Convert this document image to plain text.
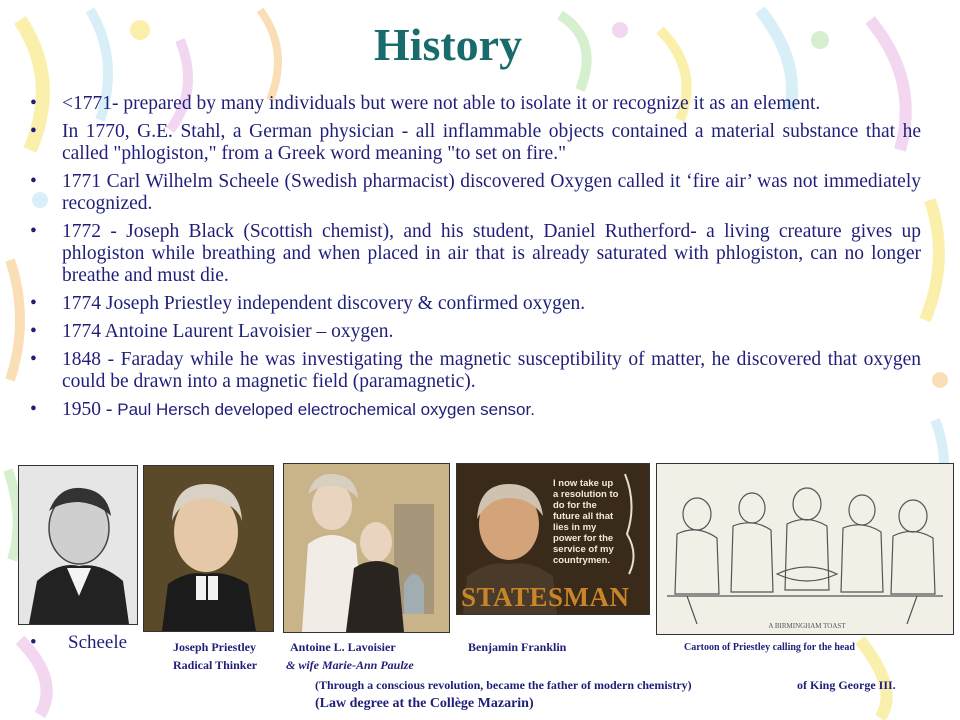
History
• <1771- prepared by many individuals but were not able to isolate it or recognize it as an element.
• In 1770, G.E. Stahl, a German physician - all inflammable objects contained a material substance that he called "phlogiston," from a Greek word meaning "to set on fire."
• 1771 Carl Wilhelm Scheele (Swedish pharmacist) discovered Oxygen called it ‘fire air’ was not immediately recognized.
• 1772 - Joseph Black (Scottish chemist), and his student, Daniel Rutherford- a living creature gives up phlogiston while breathing and when placed in air that is already saturated with phlogiston, can no longer breathe and must die.
• 1774 Joseph Priestley independent discovery & confirmed oxygen.
• 1774 Antoine Laurent Lavoisier – oxygen.
• 1848 - Faraday while he was investigating the magnetic susceptibility of matter, he discovered that oxygen could be drawn into a magnetic field (paramagnetic).
• 1950 - Paul Hersch developed electrochemical oxygen sensor.
I now take up a resolution to do for the future all that lies in my power for the service of my countrymen.
STATESMAN
A BIRMINGHAM TOAST
• Scheele	Joseph Priestley
Radical Thinker
Antoine L. Lavoisier
& wife Marie-Ann Paulze
Benjamin Franklin	Cartoon of Priestley calling for the head
(Through a conscious revolution, became the father of modern chemistry)	of King George III.
(Law degree at the Collège Mazarin)
